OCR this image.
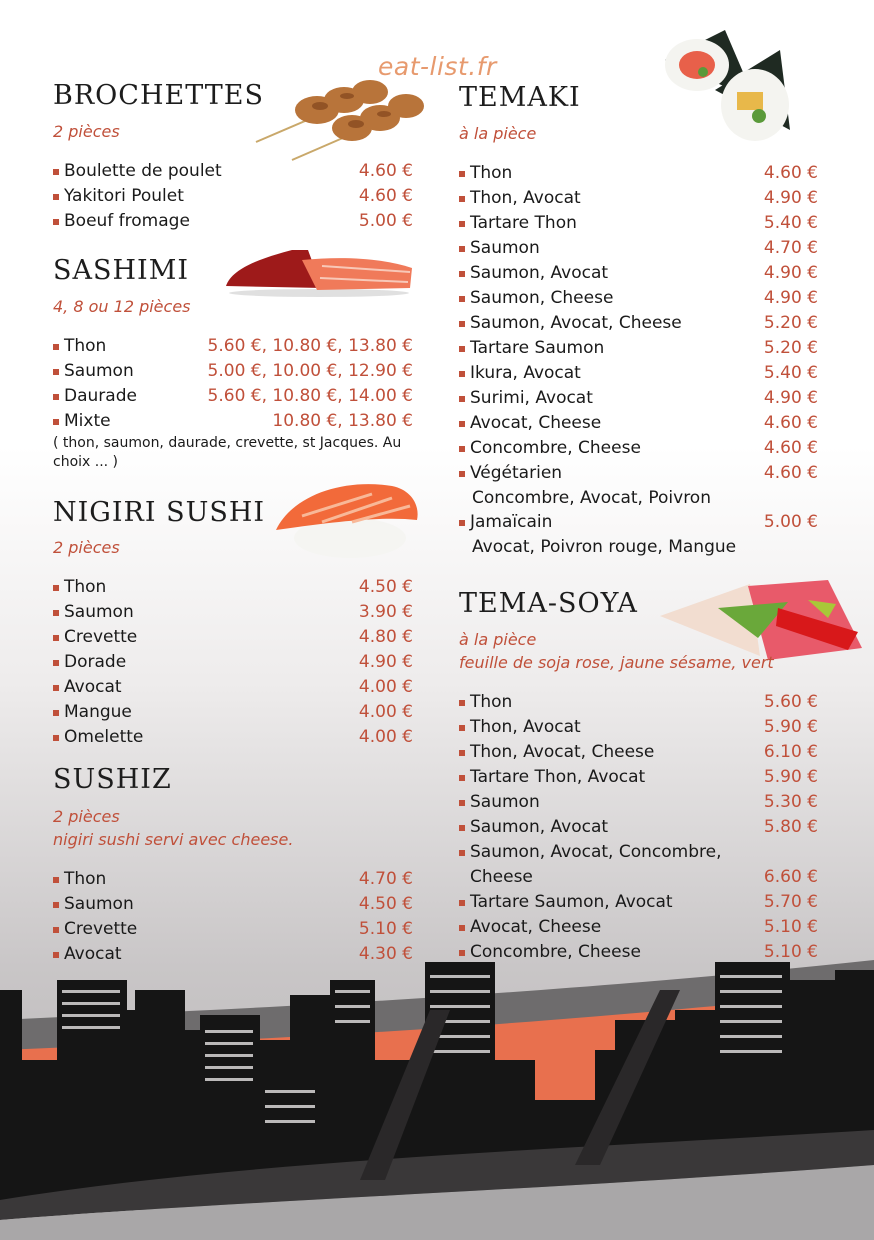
eat-list.fr
BROCHETTES
2 pièces
Boulette de poulet	4.60 €
Yakitori Poulet	4.60 €
Boeuf fromage	5.00 €
SASHIMI
4, 8 ou 12 pièces
Thon	5.60 €, 10.80 €, 13.80 €
Saumon	5.00 €, 10.00 €, 12.90 €
Daurade	5.60 €, 10.80 €, 14.00 €
Mixte	10.80 €, 13.80 €
( thon, saumon, daurade, crevette, st Jacques. Au choix ... )
NIGIRI SUSHI
2 pièces
Thon	4.50 €
Saumon	3.90 €
Crevette	4.80 €
Dorade	4.90 €
Avocat	4.00 €
Mangue	4.00 €
Omelette	4.00 €
SUSHIZ
2 pièces
nigiri sushi servi avec cheese.
Thon	4.70 €
Saumon	4.50 €
Crevette	5.10 €
Avocat	4.30 €
TEMAKI
à la pièce
Thon	4.60 €
Thon, Avocat	4.90 €
Tartare Thon	5.40 €
Saumon	4.70 €
Saumon, Avocat	4.90 €
Saumon, Cheese	4.90 €
Saumon, Avocat, Cheese	5.20 €
Tartare Saumon	5.20 €
Ikura, Avocat	5.40 €
Surimi, Avocat	4.90 €
Avocat, Cheese	4.60 €
Concombre, Cheese	4.60 €
Végétarien	4.60 €
Concombre, Avocat, Poivron
Jamaïcain	5.00 €
Avocat, Poivron rouge, Mangue
TEMA-SOYA
à la pièce
feuille de soja rose, jaune sésame, vert
Thon	5.60 €
Thon, Avocat	5.90 €
Thon, Avocat, Cheese	6.10 €
Tartare Thon, Avocat	5.90 €
Saumon	5.30 €
Saumon, Avocat	5.80 €
Saumon, Avocat, Concombre,
Cheese	6.60 €
Tartare Saumon, Avocat	5.70 €
Avocat, Cheese	5.10 €
Concombre, Cheese	5.10 €
